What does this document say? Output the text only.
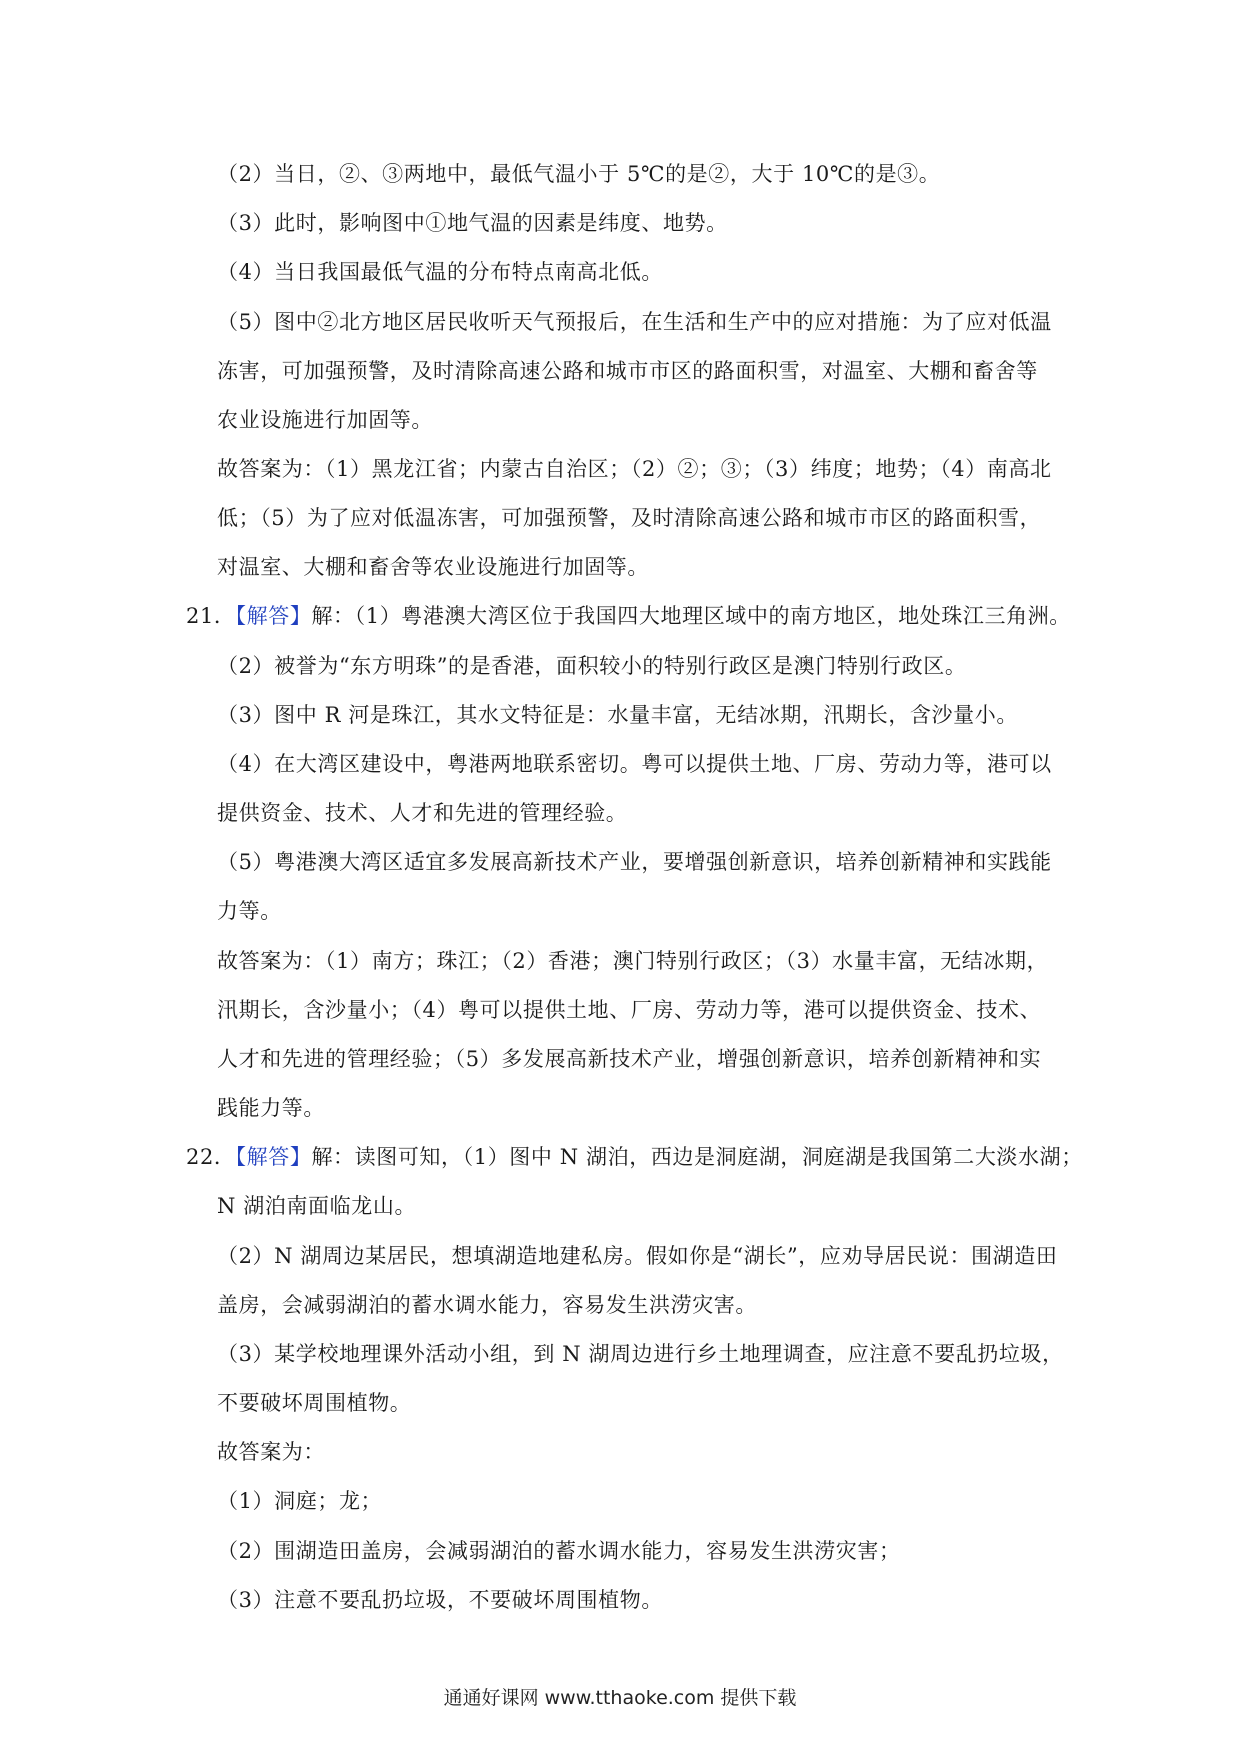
（2）当日，②、③两地中，最低气温小于 5℃的是②，大于 10℃的是③。
（3）此时，影响图中①地气温的因素是纬度、地势。
（4）当日我国最低气温的分布特点南高北低。
（5）图中②北方地区居民收听天气预报后，在生活和生产中的应对措施：为了应对低温
冻害，可加强预警，及时清除高速公路和城市市区的路面积雪，对温室、大棚和畜舍等
农业设施进行加固等。
故答案为：（1）黑龙江省；内蒙古自治区；（2）②；③；（3）纬度；地势；（4）南高北
低；（5）为了应对低温冻害，可加强预警，及时清除高速公路和城市市区的路面积雪，
对温室、大棚和畜舍等农业设施进行加固等。
21．【解答】解：（1）粤港澳大湾区位于我国四大地理区域中的南方地区，地处珠江三角洲。
（2）被誉为“东方明珠”的是香港，面积较小的特别行政区是澳门特别行政区。
（3）图中 R 河是珠江，其水文特征是：水量丰富，无结冰期，汛期长，含沙量小。
（4）在大湾区建设中，粤港两地联系密切。粤可以提供土地、厂房、劳动力等，港可以
提供资金、技术、人才和先进的管理经验。
（5）粤港澳大湾区适宜多发展高新技术产业，要增强创新意识，培养创新精神和实践能
力等。
故答案为：（1）南方；珠江；（2）香港；澳门特别行政区；（3）水量丰富，无结冰期，
汛期长，含沙量小；（4）粤可以提供土地、厂房、劳动力等，港可以提供资金、技术、
人才和先进的管理经验；（5）多发展高新技术产业，增强创新意识，培养创新精神和实
践能力等。
22．【解答】解：读图可知，（1）图中 N 湖泊，西边是洞庭湖，洞庭湖是我国第二大淡水湖；
N 湖泊南面临龙山。
（2）N 湖周边某居民，想填湖造地建私房。假如你是“湖长”，应劝导居民说：围湖造田
盖房，会减弱湖泊的蓄水调水能力，容易发生洪涝灾害。
（3）某学校地理课外活动小组，到 N 湖周边进行乡土地理调查，应注意不要乱扔垃圾，
不要破坏周围植物。
故答案为：
（1）洞庭；龙；
（2）围湖造田盖房，会减弱湖泊的蓄水调水能力，容易发生洪涝灾害；
（3）注意不要乱扔垃圾，不要破坏周围植物。
通通好课网 www.tthaoke.com 提供下载
